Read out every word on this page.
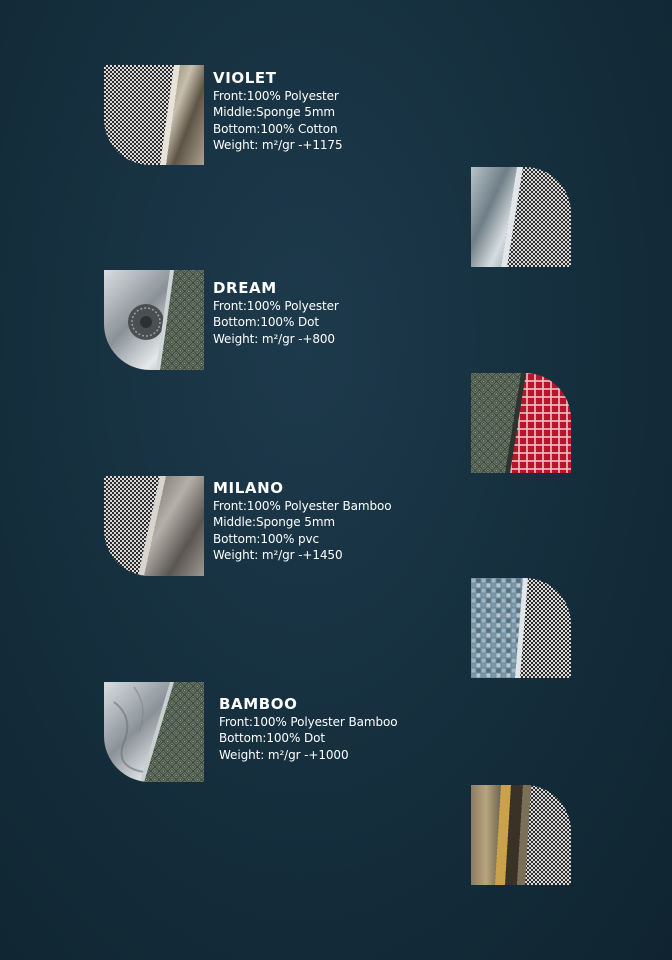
VIOLET
Front:100% Polyester
Middle:Sponge 5mm
Bottom:100% Cotton
Weight: m²/gr -+1175
DREAM
Front:100% Polyester
Bottom:100% Dot
Weight: m²/gr -+800
MILANO
Front:100% Polyester Bamboo
Middle:Sponge 5mm
Bottom:100% pvc
Weight: m²/gr -+1450
BAMBOO
Front:100% Polyester Bamboo
Bottom:100% Dot
Weight: m²/gr -+1000
